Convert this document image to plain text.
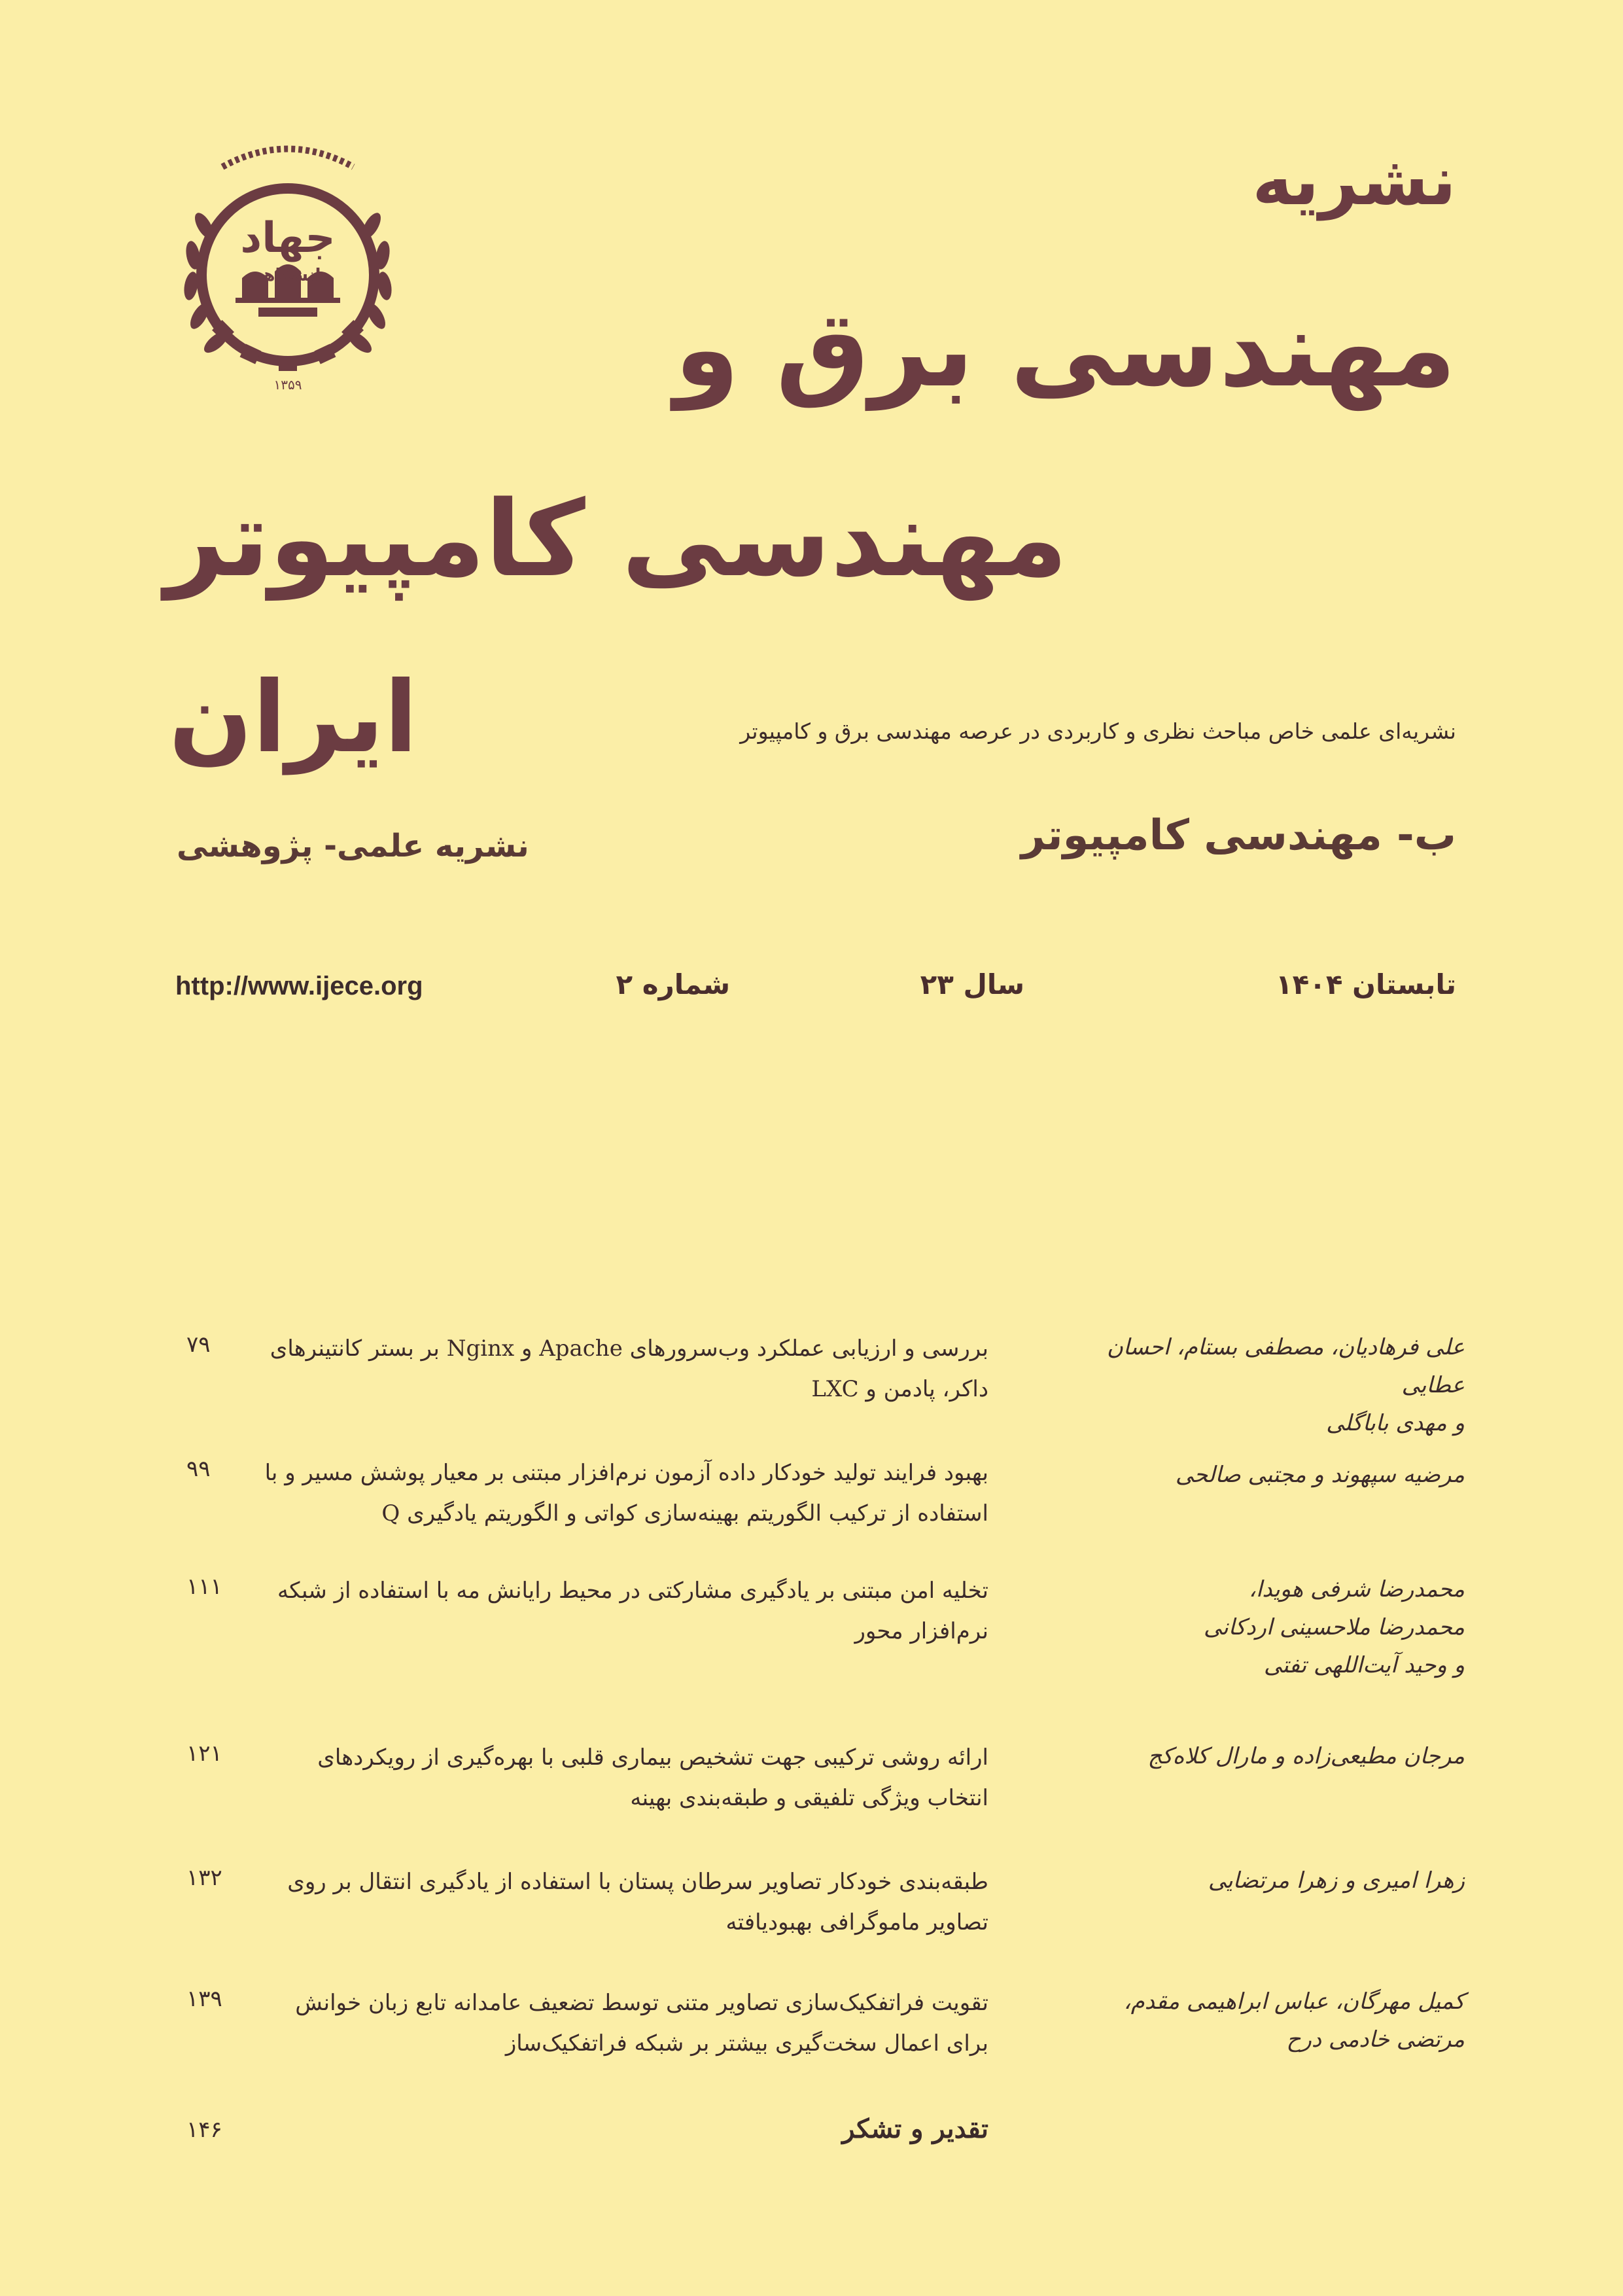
جهاد
دانشگاهی
۱۳۵۹
نشریه
مهندسی برق و
مهندسی کامپیوتر
ایران	نشریه‌ای علمی خاص مباحث نظری و کاربردی در عرصه مهندسی برق و کامپیوتر
ب- مهندسی کامپیوتر
نشریه علمی- پژوهشی
تابستان ۱۴۰۴
سال ۲۳
شماره ۲
http://www.ijece.org
علی فرهادیان، مصطفی بستام، احسان عطایی
و مهدی باباگلی
بررسی و ارزیابی عملکرد وب‌سرورهای Apache و Nginx بر بستر کانتینرهای
داکر، پادمن و LXC
۷۹
مرضیه سپهوند و مجتبی صالحی
بهبود فرایند تولید خودکار داده آزمون نرم‌افزار مبتنی بر معیار پوشش مسیر و با
استفاده از ترکیب الگوریتم بهینه‌سازی کواتی و الگوریتم یادگیری Q
۹۹
محمدرضا شرفی هویدا،
محمدرضا ملاحسینی اردکانی
و وحید آیت‌اللهی تفتی
تخلیه امن مبتنی بر یادگیری مشارکتی در محیط رایانش مه با استفاده از شبکه
نرم‌افزار محور
۱۱۱
مرجان مطیعی‌زاده و مارال کلاه‌کج
ارائه روشی ترکیبی جهت تشخیص بیماری قلبی با بهره‌گیری از رویکردهای
انتخاب ویژگی تلفیقی و طبقه‌بندی بهینه
۱۲۱
زهرا امیری و زهرا مرتضایی
طبقه‌بندی خودکار تصاویر سرطان پستان با استفاده از یادگیری انتقال بر روی
تصاویر ماموگرافی بهبودیافته
۱۳۲
کمیل مهرگان، عباس ابراهیمی مقدم،
مرتضی خادمی درح
تقویت فراتفکیک‌سازی تصاویر متنی توسط تضعیف عامدانه تابع زبان خوانش
برای اعمال سخت‌گیری بیشتر بر شبکه فراتفکیک‌ساز
۱۳۹
تقدیر و تشکر
۱۴۶
